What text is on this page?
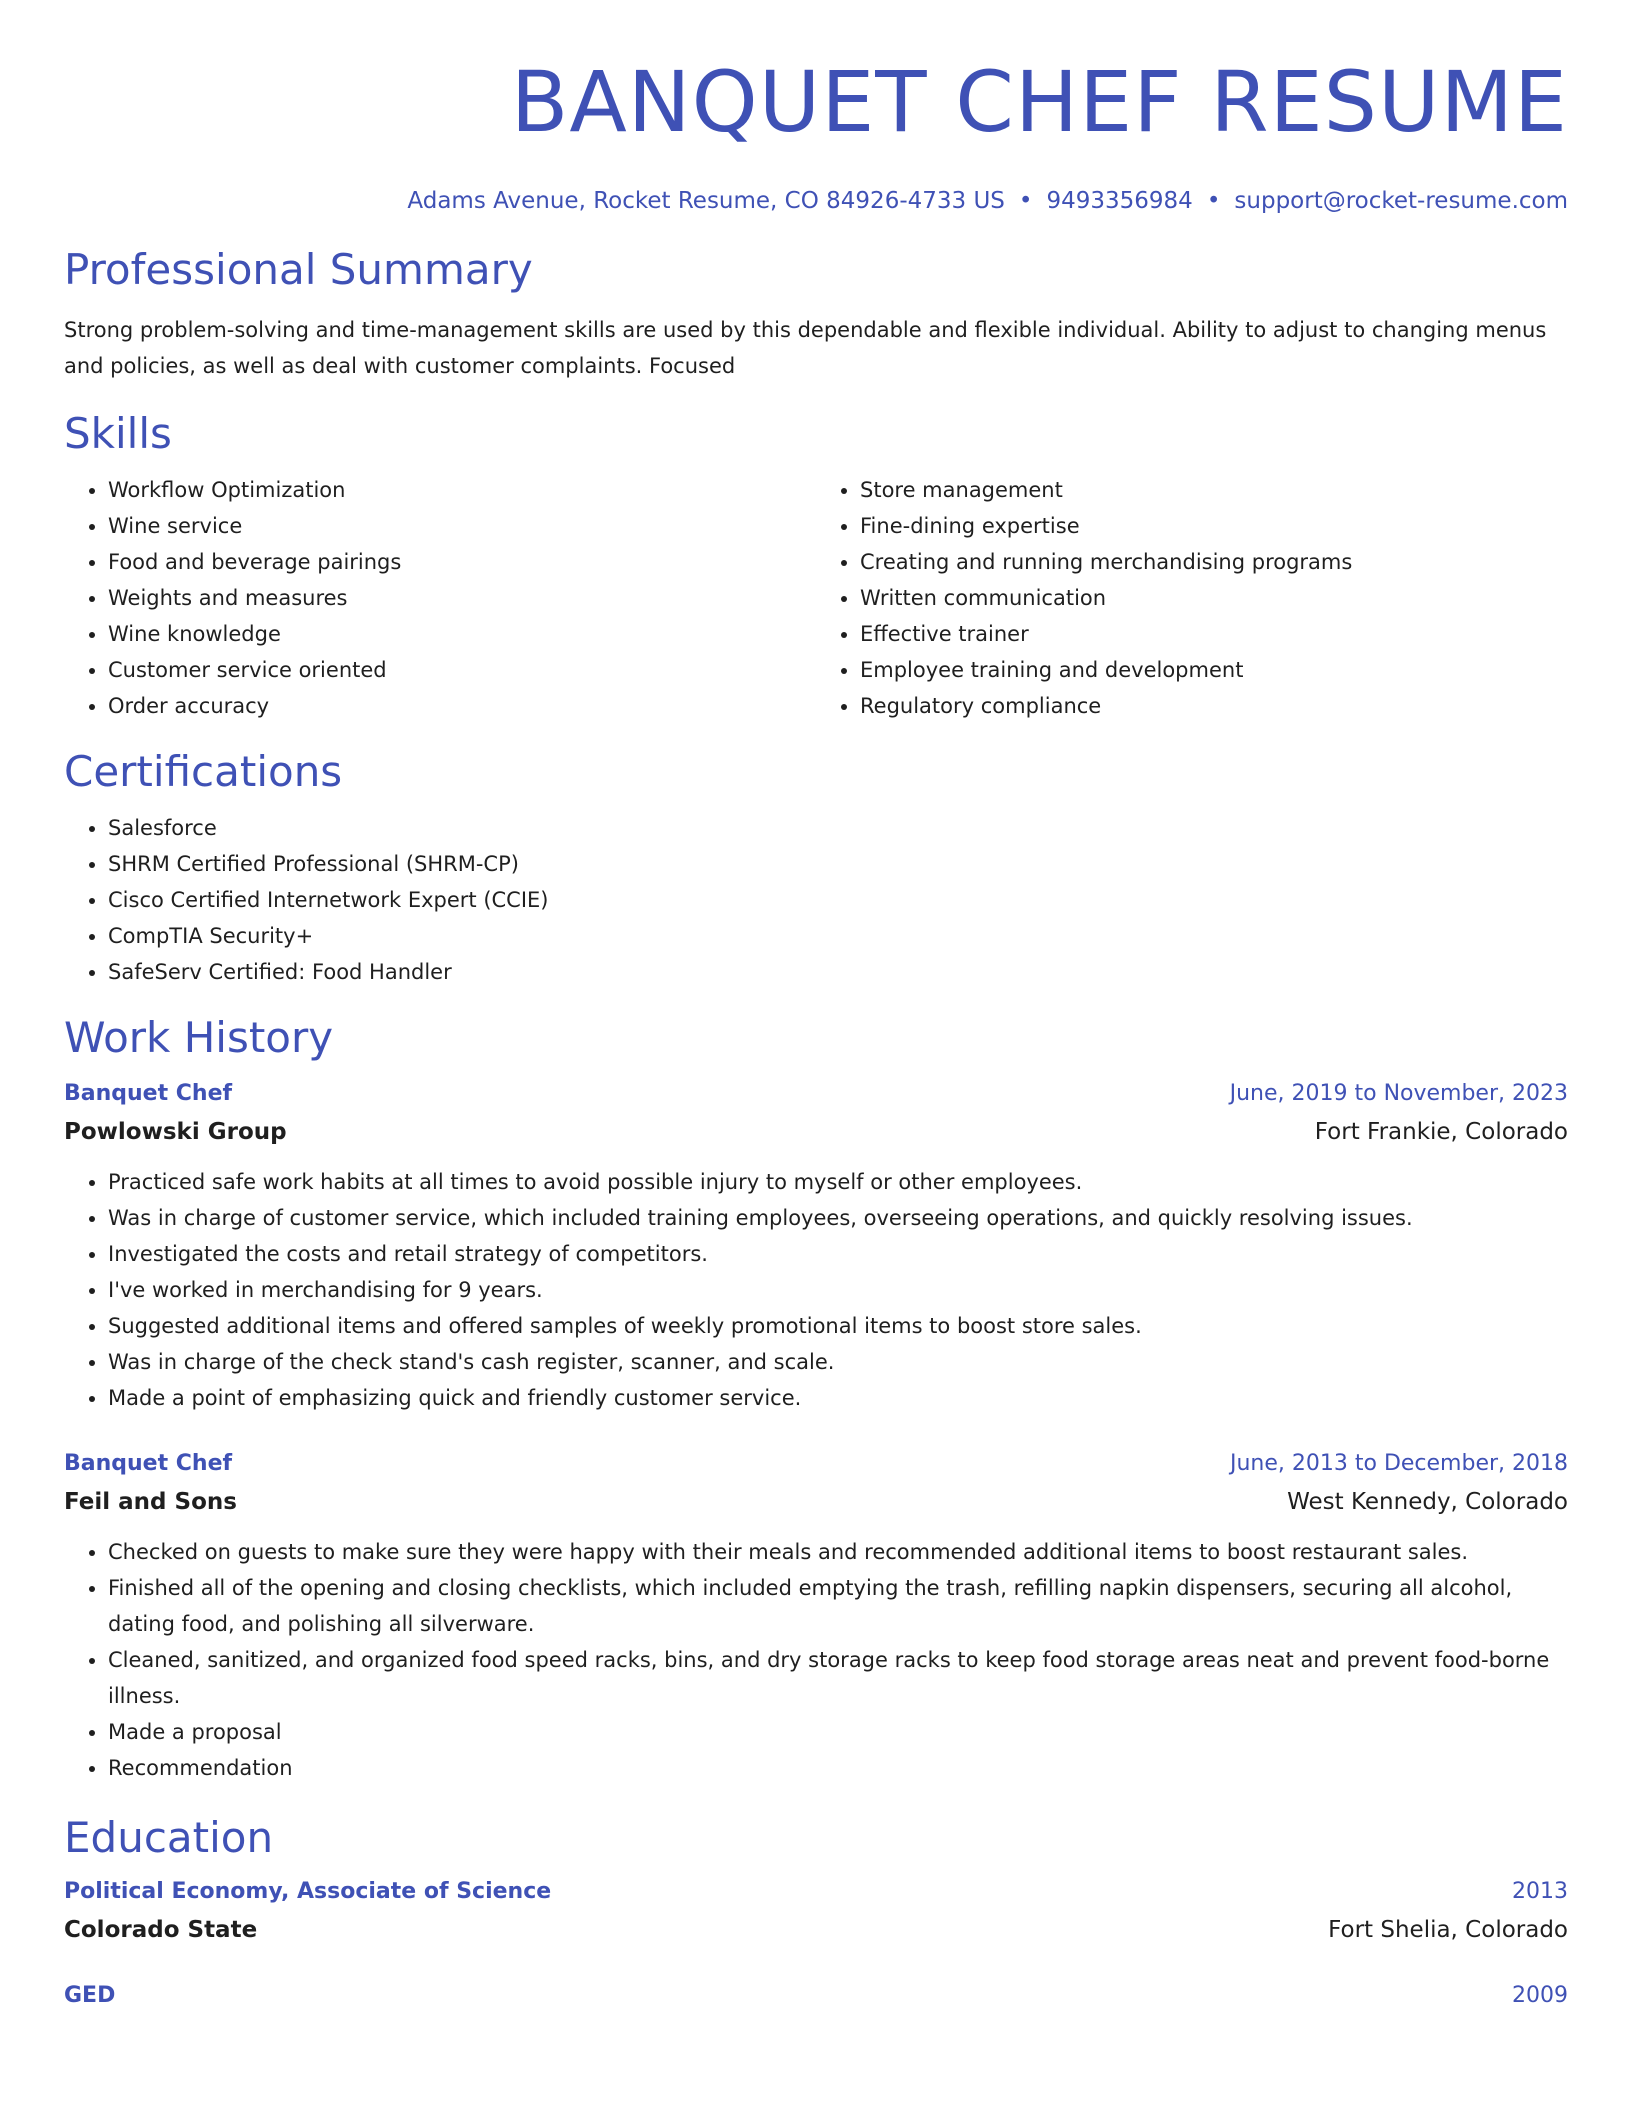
BANQUET CHEF RESUME
Adams Avenue, Rocket Resume, CO 84926-4733 US • 9493356984 • support@rocket-resume.com
Professional Summary
Strong problem-solving and time-management skills are used by this dependable and flexible individual. Ability to adjust to changing menus and policies, as well as deal with customer complaints. Focused
Skills
• Workflow Optimization
• Wine service
• Food and beverage pairings
• Weights and measures
• Wine knowledge
• Customer service oriented
• Order accuracy
• Store management
• Fine-dining expertise
• Creating and running merchandising programs
• Written communication
• Effective trainer
• Employee training and development
• Regulatory compliance
Certifications
• Salesforce
• SHRM Certified Professional (SHRM-CP)
• Cisco Certified Internetwork Expert (CCIE)
• CompTIA Security+
• SafeServ Certified: Food Handler
Work History
Banquet Chef	June, 2019 to November, 2023
Powlowski Group	Fort Frankie, Colorado
• Practiced safe work habits at all times to avoid possible injury to myself or other employees.
• Was in charge of customer service, which included training employees, overseeing operations, and quickly resolving issues.
• Investigated the costs and retail strategy of competitors.
• I've worked in merchandising for 9 years.
• Suggested additional items and offered samples of weekly promotional items to boost store sales.
• Was in charge of the check stand's cash register, scanner, and scale.
• Made a point of emphasizing quick and friendly customer service.
Banquet Chef	June, 2013 to December, 2018
Feil and Sons	West Kennedy, Colorado
• Checked on guests to make sure they were happy with their meals and recommended additional items to boost restaurant sales.
• Finished all of the opening and closing checklists, which included emptying the trash, refilling napkin dispensers, securing all alcohol, dating food, and polishing all silverware.
• Cleaned, sanitized, and organized food speed racks, bins, and dry storage racks to keep food storage areas neat and prevent food-borne illness.
• Made a proposal
• Recommendation
Education
Political Economy, Associate of Science	2013
Colorado State	Fort Shelia, Colorado
GED	2009
